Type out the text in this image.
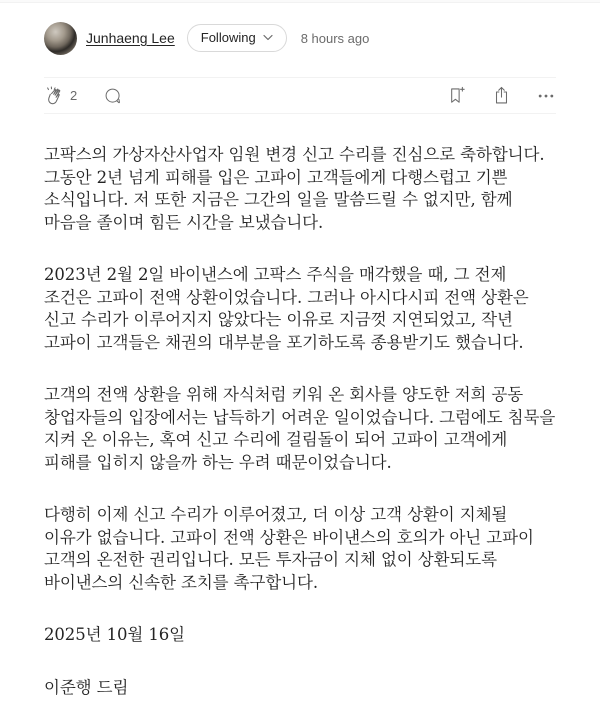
Junhaeng Lee Following	8 hours ago
2

고팍스의 가상자산사업자 임원 변경 신고 수리를 진심으로 축하합니다. 그동안 2년 넘게 피해를 입은 고파이 고객들에게 다행스럽고 기쁜 소식입니다. 저 또한 지금은 그간의 일을 말씀드릴 수 없지만, 함께 마음을 졸이며 힘든 시간을 보냈습니다.

2023년 2월 2일 바이낸스에 고팍스 주식을 매각했을 때, 그 전제 조건은 고파이 전액 상환이었습니다. 그러나 아시다시피 전액 상환은 신고 수리가 이루어지지 않았다는 이유로 지금껏 지연되었고, 작년 고파이 고객들은 채권의 대부분을 포기하도록 종용받기도 했습니다.

고객의 전액 상환을 위해 자식처럼 키워 온 회사를 양도한 저희 공동 창업자들의 입장에서는 납득하기 어려운 일이었습니다. 그럼에도 침묵을 지켜 온 이유는, 혹여 신고 수리에 걸림돌이 되어 고파이 고객에게 피해를 입히지 않을까 하는 우려 때문이었습니다.

다행히 이제 신고 수리가 이루어졌고, 더 이상 고객 상환이 지체될 이유가 없습니다. 고파이 전액 상환은 바이낸스의 호의가 아닌 고파이 고객의 온전한 권리입니다. 모든 투자금이 지체 없이 상환되도록 바이낸스의 신속한 조치를 촉구합니다.

2025년 10월 16일

이준행 드림
